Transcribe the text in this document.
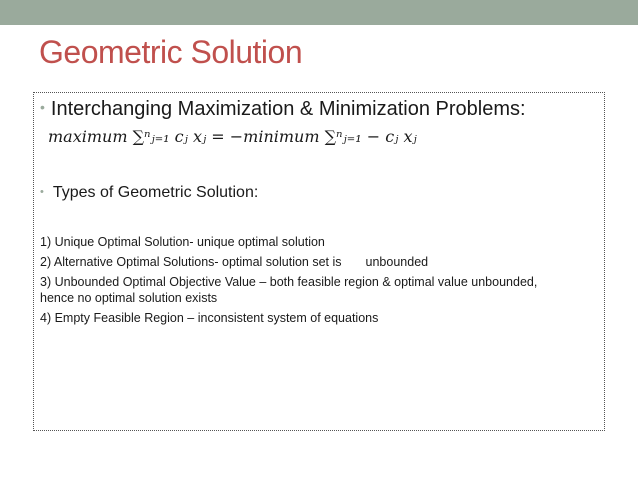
Geometric Solution
• Interchanging Maximization & Minimization Problems:
maximum ∑ⁿⱼ₌₁ cⱼ xⱼ = −minimum ∑ⁿⱼ₌₁ − cⱼ xⱼ
• Types of Geometric Solution:
1) Unique Optimal Solution- unique optimal solution
2) Alternative Optimal Solutions- optimal solution set is unbounded
3) Unbounded Optimal Objective Value – both feasible region & optimal value unbounded, hence no optimal solution exists
4) Empty Feasible Region – inconsistent system of equations
